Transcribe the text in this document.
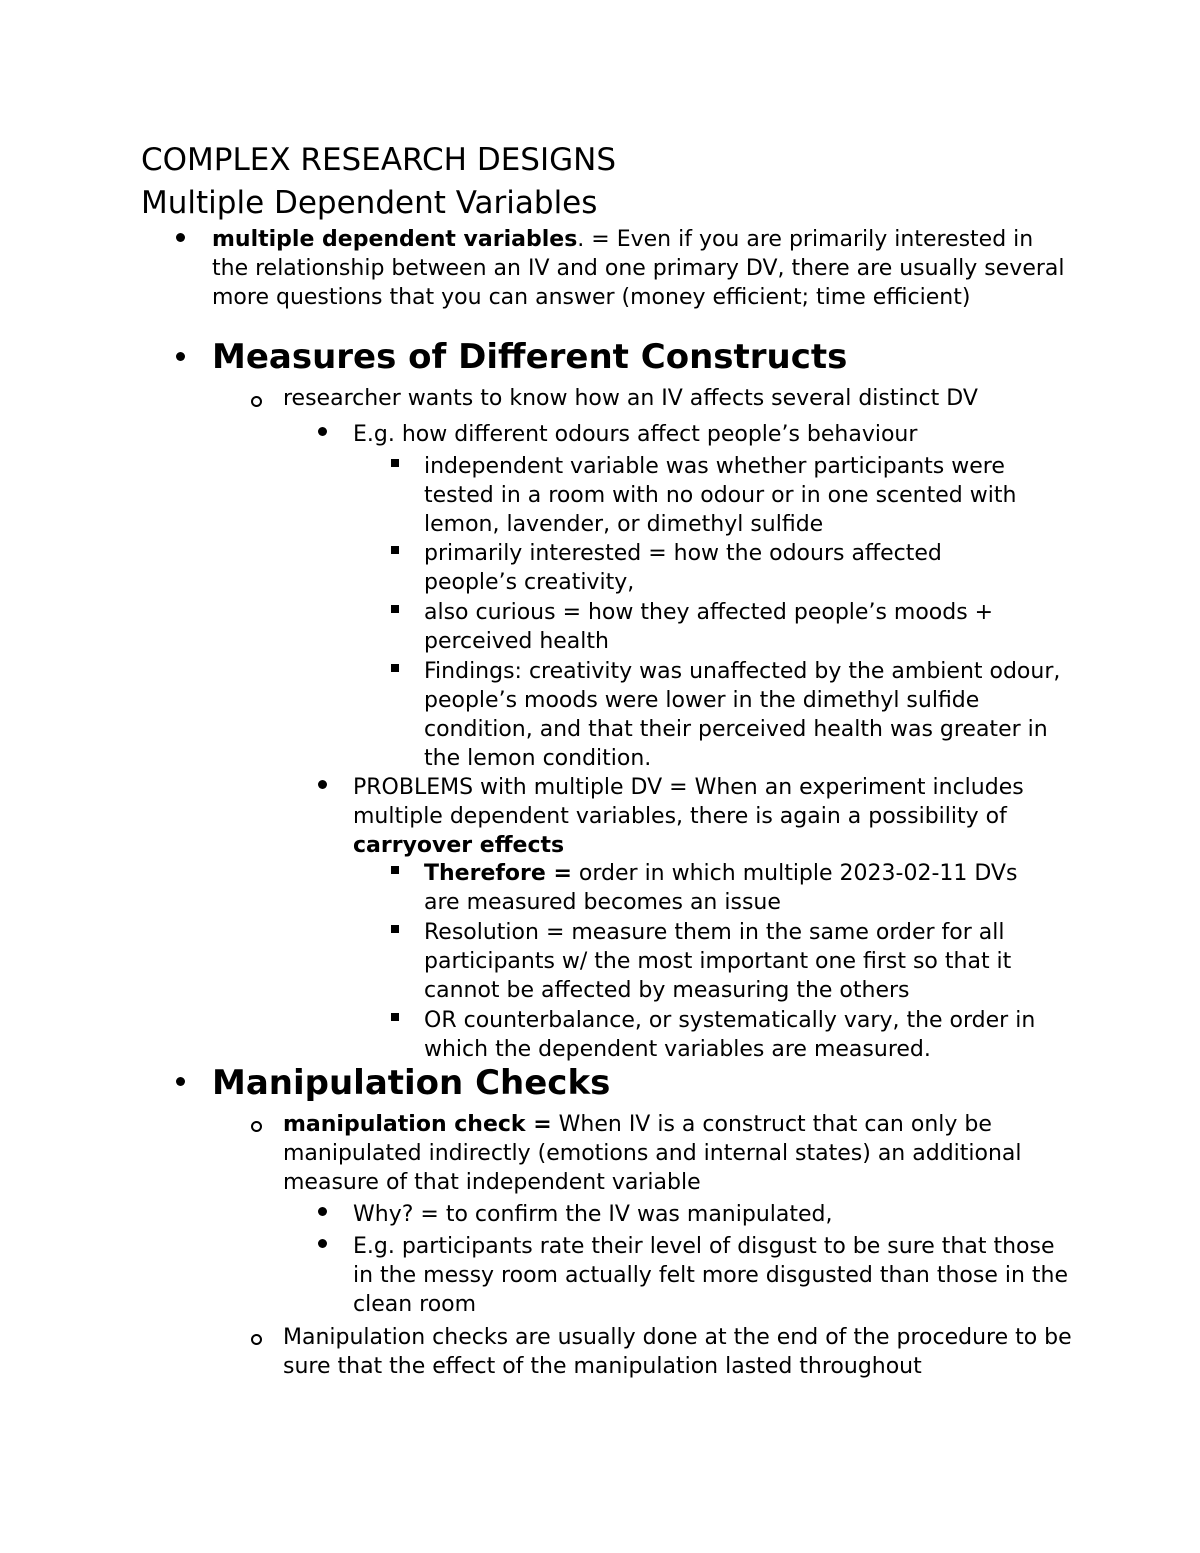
COMPLEX RESEARCH DESIGNS
Multiple Dependent Variables
multiple dependent variables. = Even if you are primarily interested in the relationship between an IV and one primary DV, there are usually several more questions that you can answer (money efficient; time efficient)
Measures of Different Constructs
researcher wants to know how an IV affects several distinct DV
E.g. how different odours affect people’s behaviour
independent variable was whether participants were tested in a room with no odour or in one scented with lemon, lavender, or dimethyl sulfide
primarily interested = how the odours affected people’s creativity,
also curious = how they affected people’s moods + perceived health
Findings: creativity was unaffected by the ambient odour, people’s moods were lower in the dimethyl sulfide condition, and that their perceived health was greater in the lemon condition.
PROBLEMS with multiple DV = When an experiment includes multiple dependent variables, there is again a possibility of carryover effects
Therefore = order in which multiple 2023-02-11 DVs are measured becomes an issue
Resolution = measure them in the same order for all participants w/ the most important one first so that it cannot be affected by measuring the others
OR counterbalance, or systematically vary, the order in which the dependent variables are measured.
Manipulation Checks
manipulation check = When IV is a construct that can only be manipulated indirectly (emotions and internal states) an additional measure of that independent variable
Why? = to confirm the IV was manipulated,
E.g. participants rate their level of disgust to be sure that those in the messy room actually felt more disgusted than those in the clean room
Manipulation checks are usually done at the end of the procedure to be sure that the effect of the manipulation lasted throughout
